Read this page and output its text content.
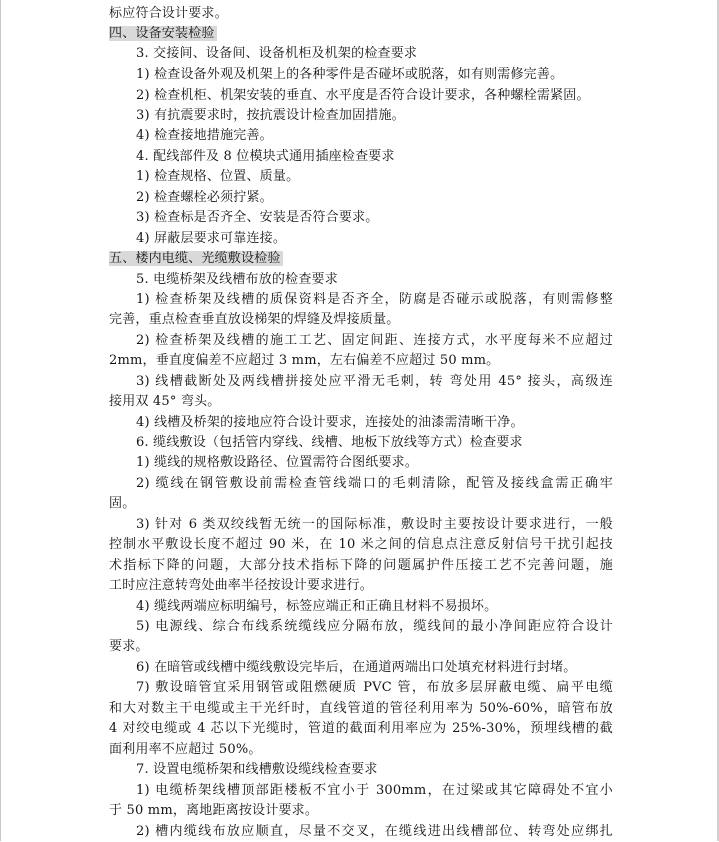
标应符合设计要求。
四、设备安装检验
3. 交接间、设备间、设备机柜及机架的检查要求
1) 检查设备外观及机架上的各种零件是否碰坏或脱落，如有则需修完善。
2) 检查机柜、机架安装的垂直、水平度是否符合设计要求，各种螺栓需紧固。
3) 有抗震要求时，按抗震设计检查加固措施。
4) 检查接地措施完善。
4. 配线部件及 8 位模块式通用插座检查要求
1) 检查规格、位置、质量。
2) 检查螺栓必须拧紧。
3) 检查标是否齐全、安装是否符合要求。
4) 屏蔽层要求可靠连接。
五、楼内电缆、光缆敷设检验
5. 电缆桥架及线槽布放的检查要求
1) 检查桥架及线槽的质保资料是否齐全，防腐是否碰示或脱落，有则需修整
完善，重点检查垂直放设梯架的焊缝及焊接质量。
2) 检查桥架及线槽的施工工艺、固定间距、连接方式，水平度每米不应超过
2mm，垂直度偏差不应超过 3 mm，左右偏差不应超过 50 mm。
3) 线槽截断处及两线槽拼接处应平滑无毛刺，转 弯处用 45° 接头，高级连
接用双 45° 弯头。
4) 线槽及桥架的接地应符合设计要求，连接处的油漆需清晰干净。
6. 缆线敷设（包括管内穿线、线槽、地板下放线等方式）检查要求
1) 缆线的规格敷设路径、位置需符合图纸要求。
2) 缆线在钢管敷设前需检查管线端口的毛刺清除，配管及接线盒需正确牢
固。
3) 针对 6 类双绞线暂无统一的国际标准，敷设时主要按设计要求进行，一般
控制水平敷设长度不超过 90 米，在 10 米之间的信息点注意反射信号干扰引起技
术指标下降的问题，大部分技术指标下降的问题属护件压接工艺不完善问题，施
工时应注意转弯处曲率半径按设计要求进行。
4) 缆线两端应标明编号，标签应端正和正确且材料不易损坏。
5) 电源线、综合布线系统缆线应分隔布放，缆线间的最小净间距应符合设计
要求。
6) 在暗管或线槽中缆线敷设完毕后，在通道两端出口处填充材料进行封堵。
7) 敷设暗管宜采用钢管或阻燃硬质 PVC 管，布放多层屏蔽电缆、扁平电缆
和大对数主干电缆或主干光纤时，直线管道的管径利用率为 50%-60%，暗管布放
4 对绞电缆或 4 芯以下光缆时，管道的截面利用率应为 25%-30%，预埋线槽的截
面利用率不应超过 50%。
7. 设置电缆桥架和线槽敷设缆线检查要求
1) 电缆桥架线槽顶部距楼板不宜小于 300mm，在过梁或其它障碍处不宜小
于 50 mm，离地距离按设计要求。
2) 槽内缆线布放应顺直，尽量不交叉，在缆线进出线槽部位、转弯处应绑扎
